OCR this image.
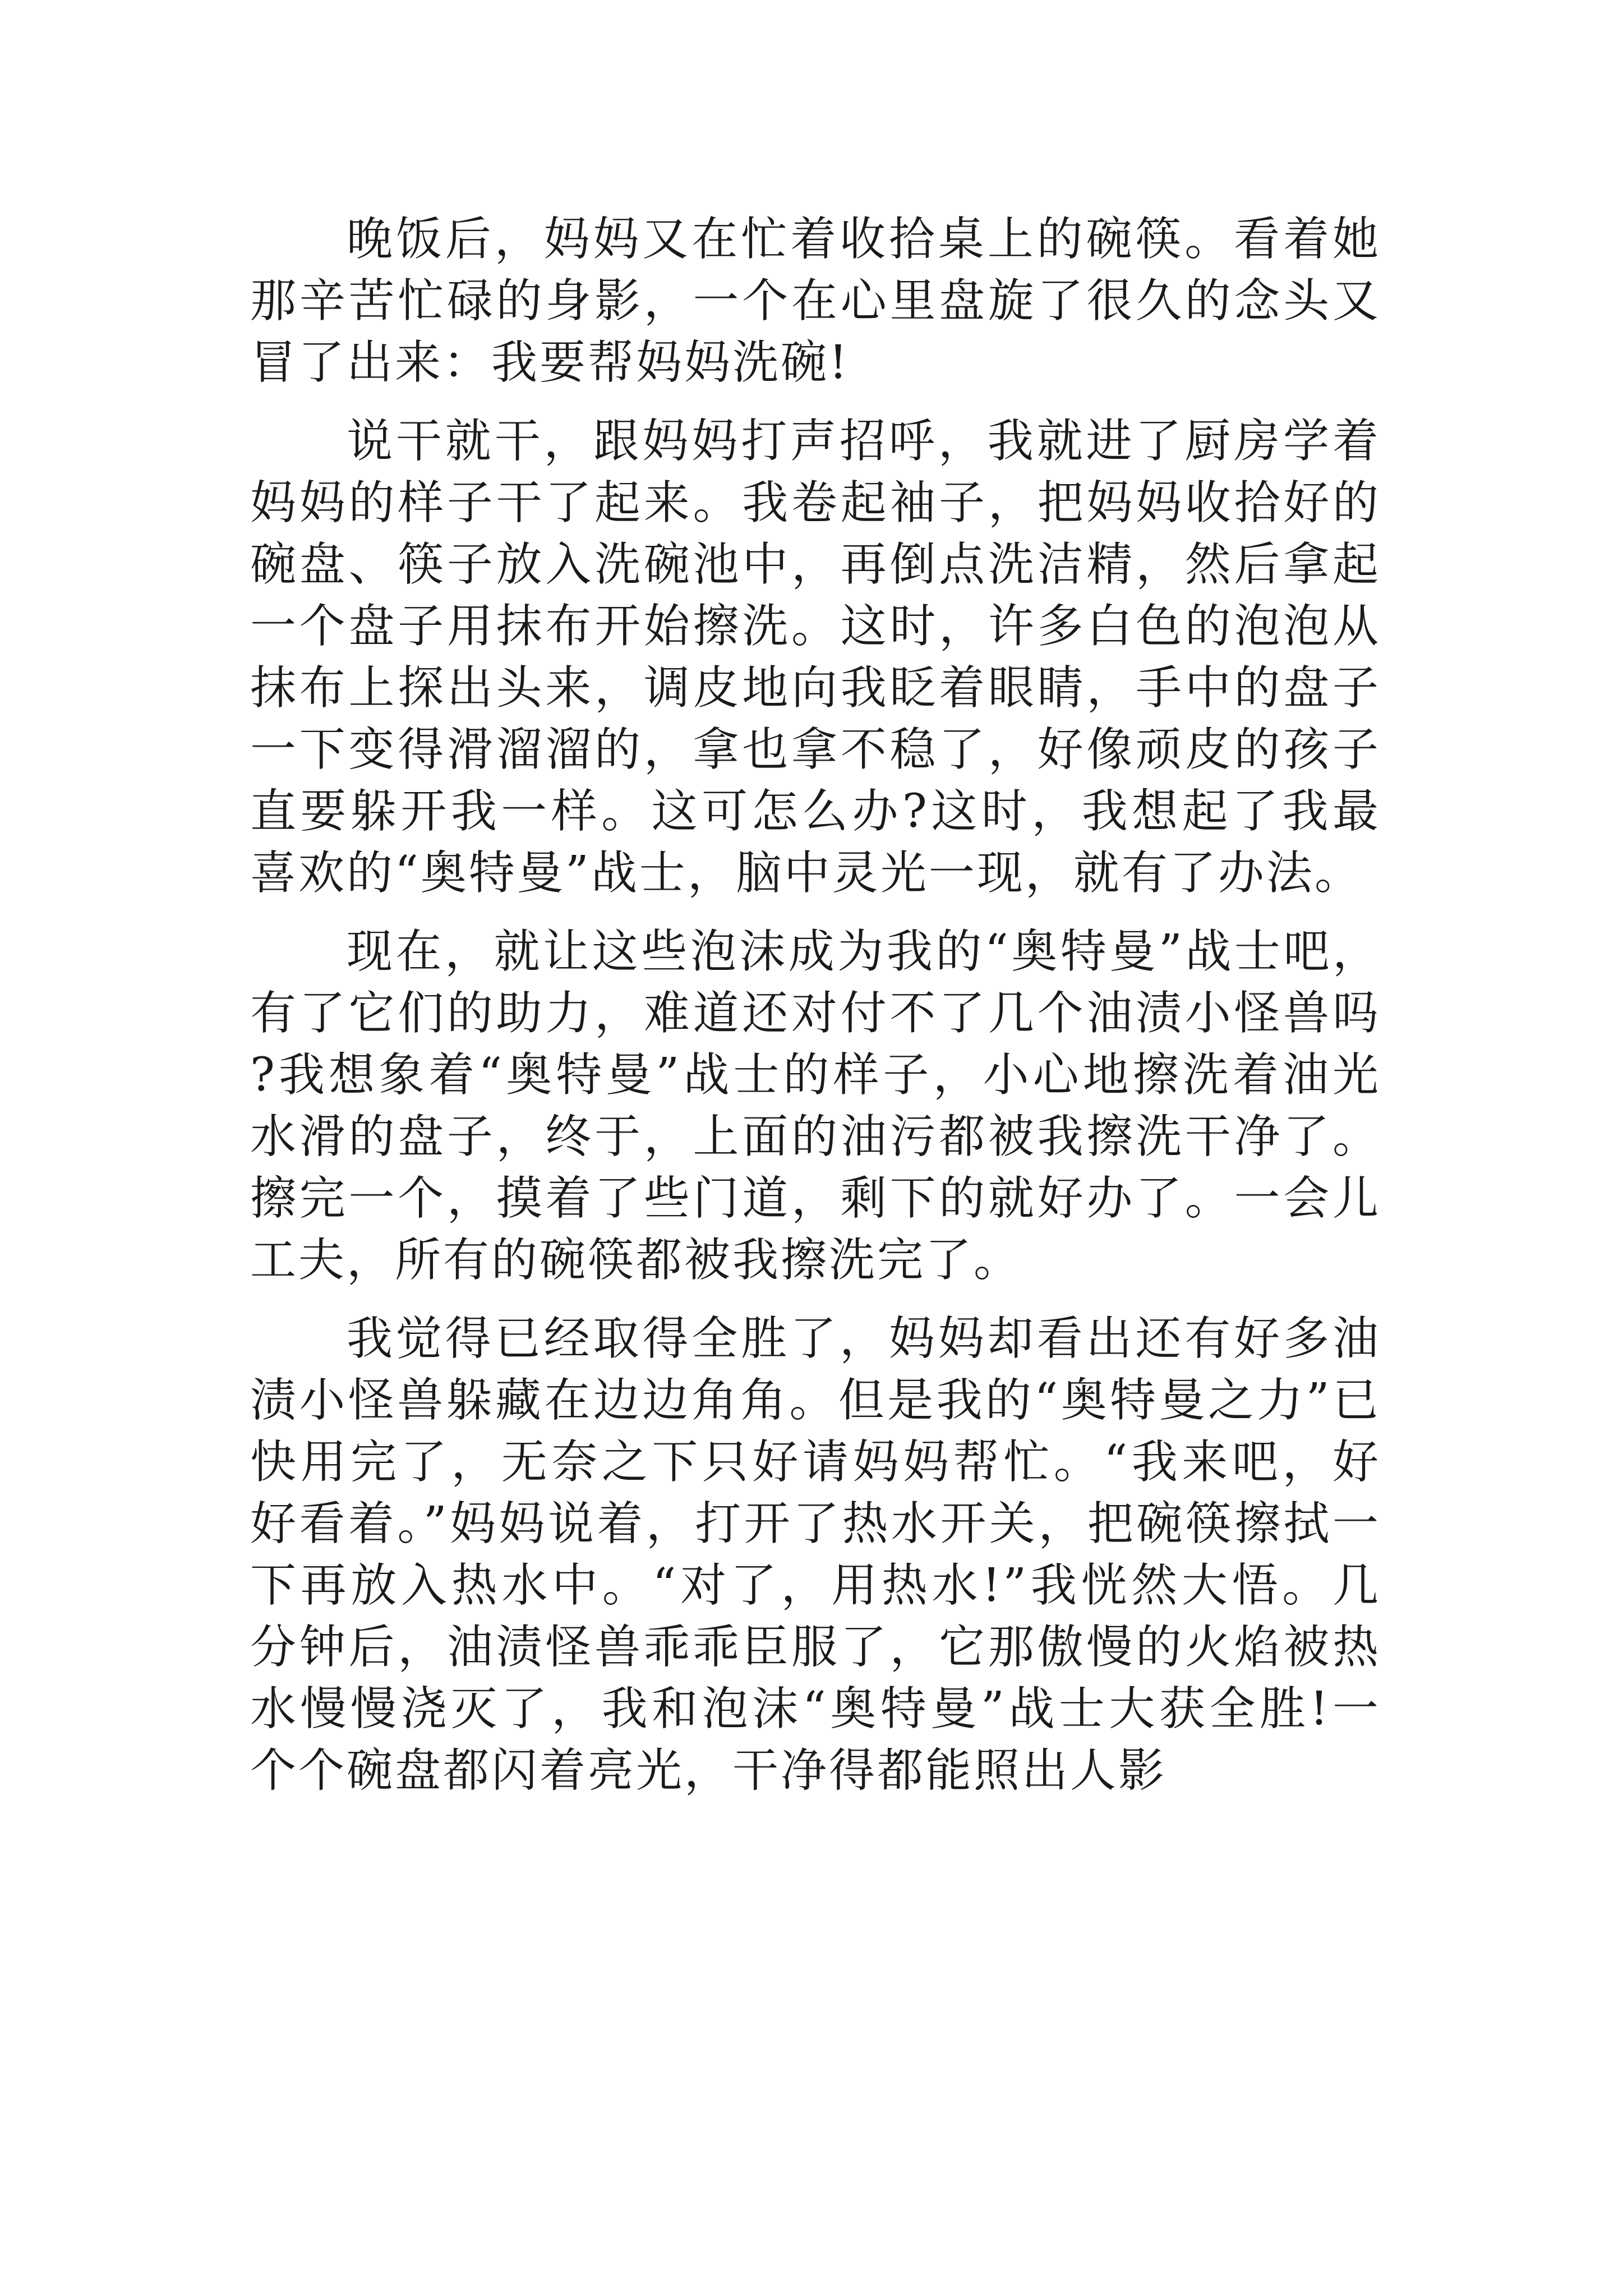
晚饭后，妈妈又在忙着收拾桌上的碗筷。看着她那辛苦忙碌的身影，一个在心里盘旋了很久的念头又冒了出来：我要帮妈妈洗碗!

说干就干，跟妈妈打声招呼，我就进了厨房学着妈妈的样子干了起来。我卷起袖子，把妈妈收拾好的碗盘、筷子放入洗碗池中，再倒点洗洁精，然后拿起一个盘子用抹布开始擦洗。这时，许多白色的泡泡从抹布上探出头来，调皮地向我眨着眼睛，手中的盘子一下变得滑溜溜的，拿也拿不稳了，好像顽皮的孩子直要躲开我一样。这可怎么办?这时，我想起了我最喜欢的“奥特曼”战士，脑中灵光一现，就有了办法。

现在，就让这些泡沫成为我的“奥特曼”战士吧，有了它们的助力，难道还对付不了几个油渍小怪兽吗?我想象着“奥特曼”战士的样子，小心地擦洗着油光水滑的盘子，终于，上面的油污都被我擦洗干净了。擦完一个，摸着了些门道，剩下的就好办了。一会儿工夫，所有的碗筷都被我擦洗完了。

我觉得已经取得全胜了，妈妈却看出还有好多油渍小怪兽躲藏在边边角角。但是我的“奥特曼之力”已快用完了，无奈之下只好请妈妈帮忙。“我来吧，好好看着。”妈妈说着，打开了热水开关，把碗筷擦拭一下再放入热水中。“对了，用热水!”我恍然大悟。几分钟后，油渍怪兽乖乖臣服了，它那傲慢的火焰被热水慢慢浇灭了，我和泡沫“奥特曼”战士大获全胜!一个个碗盘都闪着亮光，干净得都能照出人影
